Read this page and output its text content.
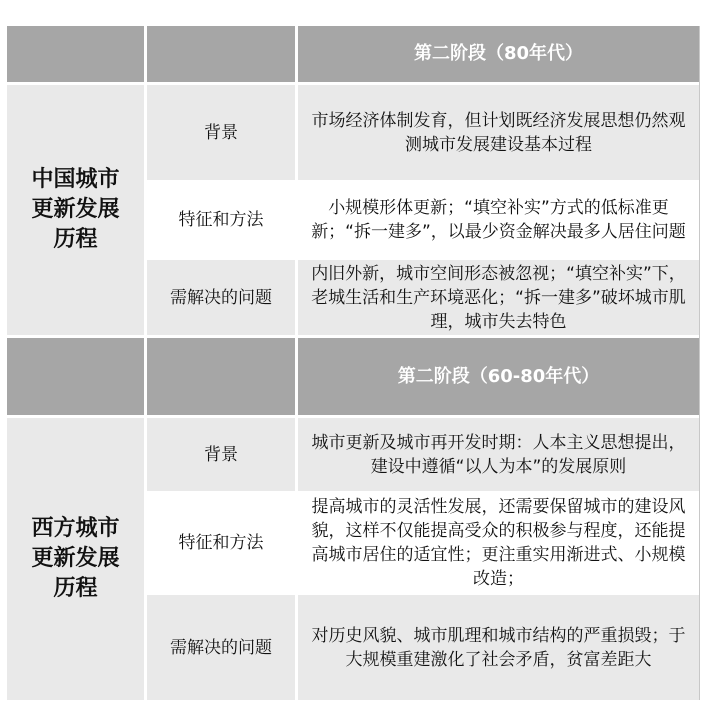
第二阶段（80年代）
中国城市
更新发展
历程
背景
市场经济体制发育，但计划既经济发展思想仍然观测城市发展建设基本过程
特征和方法
小规模形体更新；“填空补实”方式的低标准更新；“拆一建多”，以最少资金解决最多人居住问题
需解决的问题
内旧外新，城市空间形态被忽视；“填空补实”下，老城生活和生产环境恶化；“拆一建多”破坏城市肌理，城市失去特色
第二阶段（60-80年代）
西方城市
更新发展
历程
背景
城市更新及城市再开发时期：人本主义思想提出，建设中遵循“以人为本”的发展原则
特征和方法
提高城市的灵活性发展，还需要保留城市的建设风貌，这样不仅能提高受众的积极参与程度，还能提高城市居住的适宜性；更注重实用渐进式、小规模改造；
需解决的问题
对历史风貌、城市肌理和城市结构的严重损毁；于大规模重建激化了社会矛盾，贫富差距大
